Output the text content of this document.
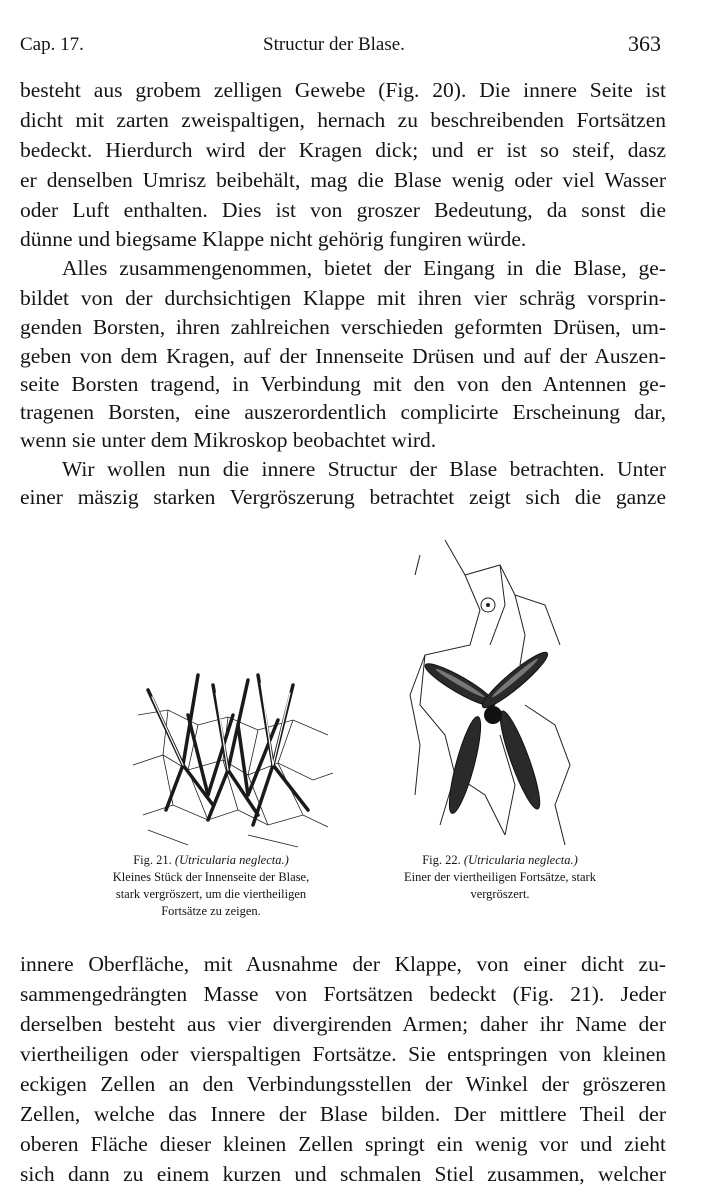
Cap. 17.	Structur der Blase.	363
besteht aus grobem zelligen Gewebe (Fig. 20). Die innere Seite ist
dicht mit zarten zweispaltigen, hernach zu beschreibenden Fortsätzen
bedeckt. Hierdurch wird der Kragen dick; und er ist so steif, dasz
er denselben Umrisz beibehält, mag die Blase wenig oder viel Wasser
oder Luft enthalten. Dies ist von groszer Bedeutung, da sonst die
dünne und biegsame Klappe nicht gehörig fungiren würde.
Alles zusammengenommen, bietet der Eingang in die Blase, ge-
bildet von der durchsichtigen Klappe mit ihren vier schräg vorsprin-
genden Borsten, ihren zahlreichen verschieden geformten Drüsen, um-
geben von dem Kragen, auf der Innenseite Drüsen und auf der Auszen-
seite Borsten tragend, in Verbindung mit den von den Antennen ge-
tragenen Borsten, eine auszerordentlich complicirte Erscheinung dar,
wenn sie unter dem Mikroskop beobachtet wird.
Wir wollen nun die innere Structur der Blase betrachten. Unter
einer mäszig starken Vergröszerung betrachtet zeigt sich die ganze
Fig. 21. (Utricularia neglecta.)
Kleines Stück der Innenseite der Blase,
stark vergröszert, um die viertheiligen
Fortsätze zu zeigen.
Fig. 22. (Utricularia neglecta.)
Einer der viertheiligen Fortsätze, stark
vergröszert.
innere Oberfläche, mit Ausnahme der Klappe, von einer dicht zu-
sammengedrängten Masse von Fortsätzen bedeckt (Fig. 21). Jeder
derselben besteht aus vier divergirenden Armen; daher ihr Name der
viertheiligen oder vierspaltigen Fortsätze. Sie entspringen von kleinen
eckigen Zellen an den Verbindungsstellen der Winkel der gröszeren
Zellen, welche das Innere der Blase bilden. Der mittlere Theil der
oberen Fläche dieser kleinen Zellen springt ein wenig vor und zieht
sich dann zu einem kurzen und schmalen Stiel zusammen, welcher
